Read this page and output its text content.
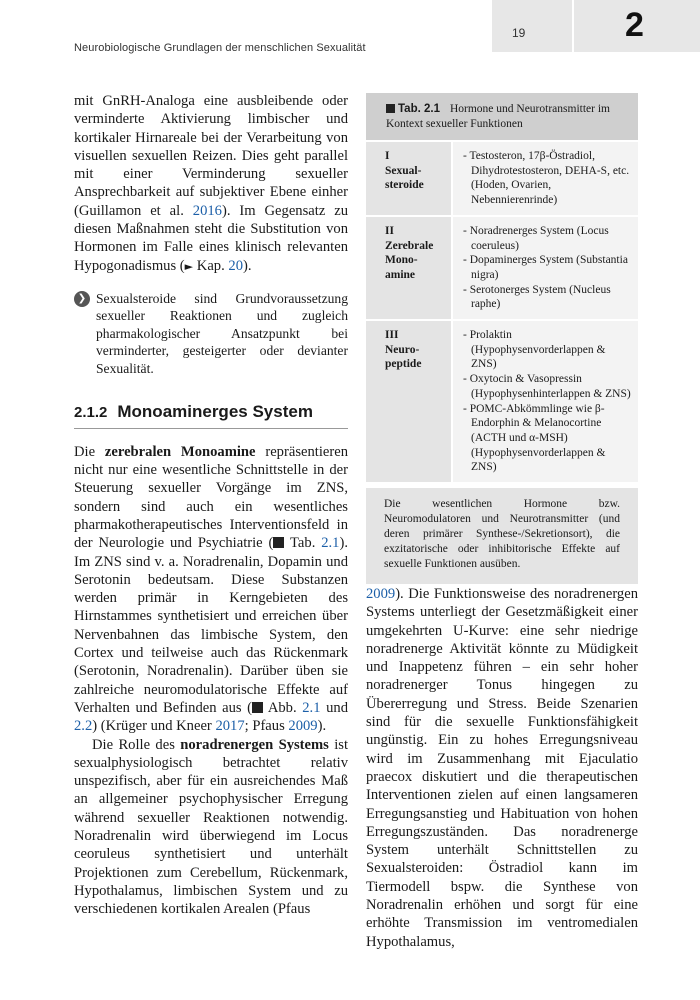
19	2
Neurobiologische Grundlagen der menschlichen Sexualität

mit GnRH-Analoga eine ausbleibende oder verminderte Aktivierung limbischer und kortikaler Hirnareale bei der Verarbeitung von visuellen sexuellen Reizen. Dies geht parallel mit einer Verminderung sexueller Ansprechbarkeit auf subjektiver Ebene einher (Guillamon et al. 2016). Im Gegensatz zu diesen Maßnahmen steht die Substitution von Hormonen im Falle eines klinisch relevanten Hypogonadismus (► Kap. 20).

❯ Sexualsteroide sind Grundvoraussetzung sexueller Reaktionen und zugleich pharmakologischer Ansatzpunkt bei verminderter, gesteigerter oder devianter Sexualität.
2.1.2 Monoaminerges System

Die zerebralen Monoamine repräsentieren nicht nur eine wesentliche Schnittstelle in der Steuerung sexueller Vorgänge im ZNS, sondern sind auch ein wesentliches pharmakotherapeutisches Interventionsfeld in der Neurologie und Psychiatrie ( Tab. 2.1). Im ZNS sind v. a. Noradrenalin, Dopamin und Serotonin bedeutsam. Diese Substanzen werden primär in Kerngebieten des Hirnstammes synthetisiert und erreichen über Nervenbahnen das limbische System, den Cortex und teilweise auch das Rückenmark (Serotonin, Noradrenalin). Darüber üben sie zahlreiche neuromodulatorische Effekte auf Verhalten und Befinden aus ( Abb. 2.1 und 2.2) (Krüger und Kneer 2017; Pfaus 2009).

Die Rolle des noradrenergen Systems ist sexualphysiologisch betrachtet relativ unspezifisch, aber für ein ausreichendes Maß an allgemeiner psychophysischer Erregung während sexueller Reaktionen notwendig. Noradrenalin wird überwiegend im Locus ceoruleus synthetisiert und unterhält Projektionen zum Cerebellum, Rückenmark, Hypothalamus, limbischen System und zu verschiedenen kortikalen Arealen (Pfaus

Tab. 2.1 Hormone und Neurotransmitter im Kontext sexueller Funktionen
I
Sexual-steroide
- Testosteron, 17β-Östradiol, Dihydrotestosteron, DEHA-S, etc. (Hoden, Ovarien, Nebennierenrinde)
II
Zerebrale Mono-amine
- Noradrenerges System (Locus coeruleus)
- Dopaminerges System (Substantia nigra)
- Serotonerges System (Nucleus raphe)
III
Neuro-peptide
- Prolaktin (Hypophysenvorderlappen & ZNS)
- Oxytocin & Vasopressin (Hypophysenhinterlappen & ZNS)
- POMC-Abkömmlinge wie β-Endorphin & Melanocortine (ACTH und α-MSH) (Hypophysenvorderlappen & ZNS)
Die wesentlichen Hormone bzw. Neuromodulatoren und Neurotransmitter (und deren primärer Synthese-/Sekretionsort), die exzitatorische oder inhibitorische Effekte auf sexuelle Funktionen ausüben.

2009). Die Funktionsweise des noradrenergen Systems unterliegt der Gesetzmäßigkeit einer umgekehrten U-Kurve: eine sehr niedrige noradrenerge Aktivität könnte zu Müdigkeit und Inappetenz führen – ein sehr hoher noradrenerger Tonus hingegen zu Übererregung und Stress. Beide Szenarien sind für die sexuelle Funktionsfähigkeit ungünstig. Ein zu hohes Erregungsniveau wird im Zusammenhang mit Ejaculatio praecox diskutiert und die therapeutischen Interventionen zielen auf einen langsameren Erregungsanstieg und Habituation von hohen Erregungszuständen. Das noradrenerge System unterhält Schnittstellen zu Sexualsteroiden: Östradiol kann im Tiermodell bspw. die Synthese von Noradrenalin erhöhen und sorgt für eine erhöhte Transmission im ventromedialen Hypothalamus,
